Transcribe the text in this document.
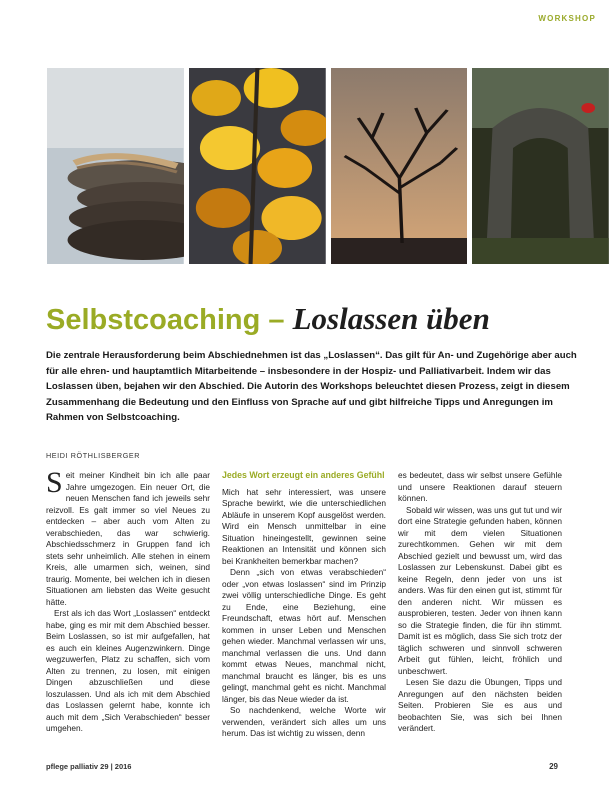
WORKSHOP
Selbstcoaching – Loslassen üben

Die zentrale Herausforderung beim Abschiednehmen ist das „Loslassen“. Das gilt für An- und Zugehörige aber auch für alle ehren- und hauptamtlich Mitarbeitende – insbesondere in der Hospiz- und Palliativarbeit. Indem wir das Loslassen üben, bejahen wir den Abschied. Die Autorin des Workshops beleuchtet diesen Prozess, zeigt in diesem Zusammenhang die Bedeutung und den Einfluss von Sprache auf und gibt hilfreiche Tipps und Anregungen im Rahmen von Selbstcoaching.

HEIDI RÖTHLISBERGER

Seit meiner Kindheit bin ich alle paar Jahre umgezogen. Ein neuer Ort, die neuen Menschen fand ich jeweils sehr reizvoll. Es galt immer so viel Neues zu entdecken – aber auch vom Alten zu verabschieden, das war schwierig. Abschiedsschmerz in Gruppen fand ich stets sehr unheimlich. Alle stehen in einem Kreis, alle umarmen sich, weinen, sind traurig. Momente, bei welchen ich in diesen Situationen am liebsten das Weite gesucht hätte.

Erst als ich das Wort „Loslassen“ entdeckt habe, ging es mir mit dem Abschied besser. Beim Loslassen, so ist mir aufgefallen, hat es auch ein kleines Augenzwinkern. Dinge wegzuwerfen, Platz zu schaffen, sich vom Alten zu trennen, zu losen, mit einigen Dingen abzuschließen und diese loszulassen. Und als ich mit dem Abschied das Loslassen gelernt habe, konnte ich auch mit dem „Sich Verabschieden“ besser umgehen.

Jedes Wort erzeugt ein anderes Gefühl

Mich hat sehr interessiert, was unsere Sprache bewirkt, wie die unterschiedlichen Abläufe in unserem Kopf ausgelöst werden. Wird ein Mensch unmittelbar in eine Situation hineingestellt, gewinnen seine Reaktionen an Intensität und können sich bei Krankheiten bemerkbar machen?

Denn „sich von etwas verabschieden“ oder „von etwas loslassen“ sind im Prinzip zwei völlig unterschiedliche Dinge. Es geht zu Ende, eine Beziehung, eine Freundschaft, etwas hört auf. Menschen kommen in unser Leben und Menschen gehen wieder. Manchmal verlassen wir uns, manchmal verlassen die uns. Und dann kommt etwas Neues, manchmal nicht, manchmal braucht es länger, bis es uns gelingt, manchmal geht es nicht. Manchmal länger, bis das Neue wieder da ist.

So nachdenkend, welche Worte wir verwenden, verändert sich alles um uns herum. Das ist wichtig zu wissen, denn

es bedeutet, dass wir selbst unsere Gefühle und unsere Reaktionen darauf steuern können.

Sobald wir wissen, was uns gut tut und wir dort eine Strategie gefunden haben, können wir mit dem vielen Situationen zurechtkommen. Gehen wir mit dem Abschied gezielt und bewusst um, wird das Loslassen zur Lebenskunst. Dabei gibt es keine Regeln, denn jeder von uns ist anders. Was für den einen gut ist, stimmt für den anderen nicht. Wir müssen es ausprobieren, testen. Jeder von ihnen kann so die Strategie finden, die für ihn stimmt. Damit ist es möglich, dass Sie sich trotz der täglich schweren und sinnvoll schweren Arbeit gut fühlen, leicht, fröhlich und unbeschwert.

Lesen Sie dazu die Übungen, Tipps und Anregungen auf den nächsten beiden Seiten. Probieren Sie es aus und beobachten Sie, was sich bei Ihnen verändert.

pflege palliativ 29 | 2016	29
